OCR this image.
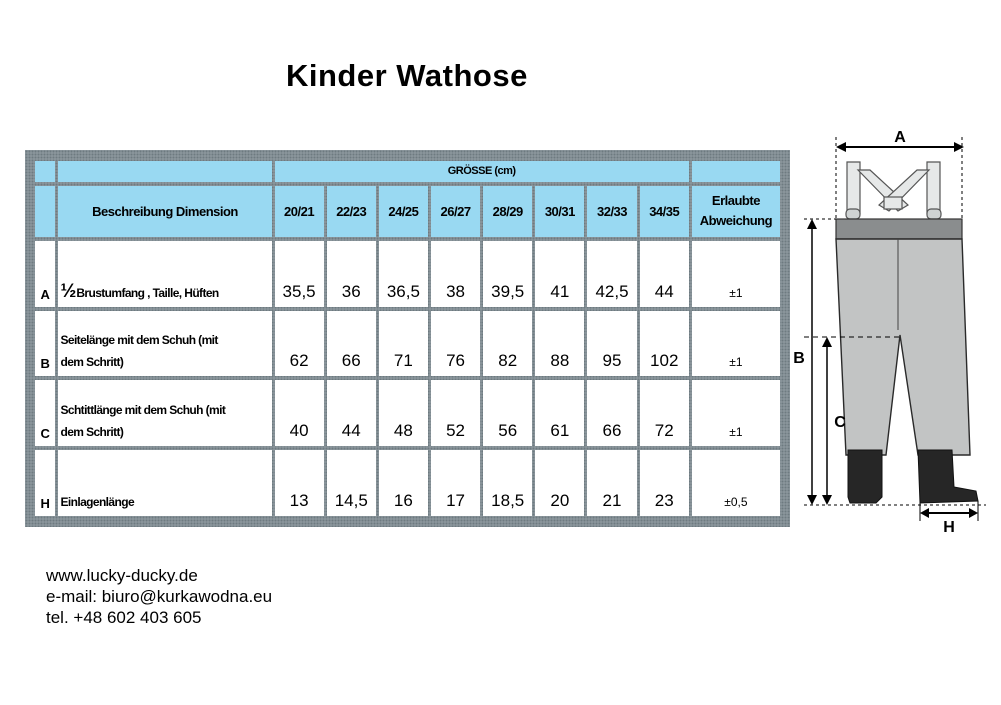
Kinder Wathose
		GRÖSSE (cm)								
	Beschreibung Dimension	20/21	22/23	24/25	26/27	28/29	30/31	32/33	34/35	Erlaubte
Abweichung

A	½Brustumfang , Taille, Hüften	35,5	36	36,5	38	39,5	41	42,5	44	±1
B	Seitelänge mit dem Schuh (mit
dem Schritt)	62	66	71	76	82	88	95	102	±1
C	Schtittlänge mit dem Schuh (mit
dem Schritt)	40	44	48	52	56	61	66	72	±1
H	Einlagenlänge	13	14,5	16	17	18,5	20	21	23	±0,5
www.lucky-ducky.de
e-mail: biuro@kurkawodna.eu
tel. +48 602 403 605
A
B
C
H
